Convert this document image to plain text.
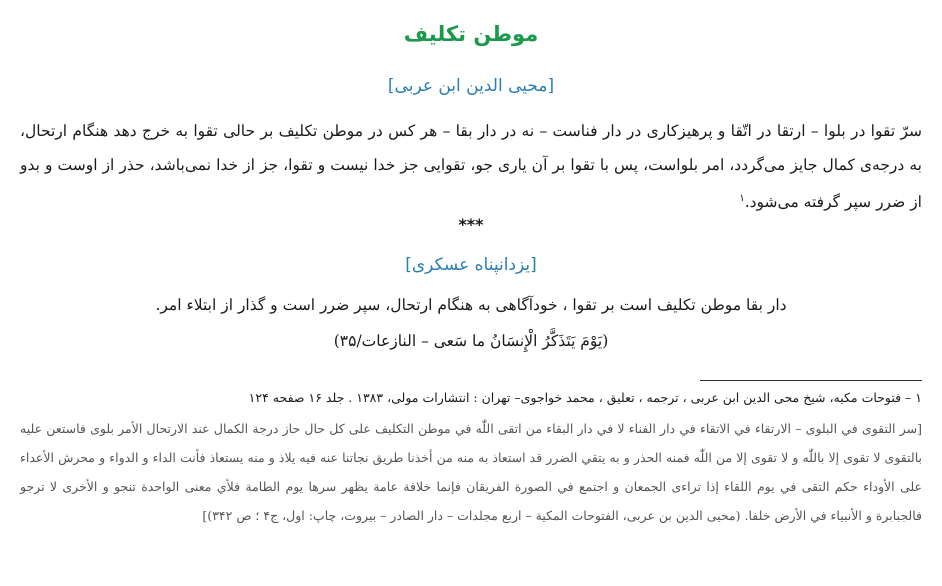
موطن تکلیف
[محیی الدین ابن عربی]
سرّ تقوا در بلوا – ارتقا در اتّقا و پرهیزکاری در دار فناست – نه در دار بقا – هر کس در موطن تکلیف بر حالی تقوا به خرج دهد هنگام ارتحال، به درجه‌ی کمال جایز می‌گردد، امر بلواست، پس با تقوا بر آن یاری جو، تقوایی جز خدا نیست و تقوا، جز از خدا نمی‌باشد، حذر از اوست و بدو از ضرر سپر گرفته می‌شود.$^۱$
***
[یزدانپناه عسکری]
دار بقا موطن تکلیف است بر تقوا ، خودآگاهی به هنگام ارتحال، سپر ضرر است و گذار از ابتلاء امر.
(یَوْمَ یَتَذَکَّرُ الْإِنسَانُ ما سَعى – النازعات/۳۵)
۱ – فتوحات مکیه، شیخ محی الدین ابن عربی ، ترجمه ، تعلیق ، محمد خواجوی– تهران : انتشارات مولی، ۱۳۸۳ . جلد ۱۶ صفحه ۱۲۴
[سر التقوى في البلوى – الارتقاء في الاتقاء في دار الفناء لا في دار البقاء من اتقى اللّٰه في موطن التكليف على كل حال حاز درجة الكمال عند الارتحال الأمر بلوى فاستعن عليه بالتقوى لا تقوى إلا باللّٰه و لا تقوى إلا من اللّٰه فمنه الحذر و به يتقي الضرر قد استعاذ به منه من أخذنا طريق نجاتنا عنه فيه يلاذ و منه يستعاذ فأنت الداء و الدواء و محرش الأعداء على الأوداء حكم التقى في يوم اللقاء إذا تراءى الجمعان و اجتمع في الصورة الفريقان فإنما خلافة عامة يظهر سرها يوم الطامة فلأي معنى الواحدة تنجو و الأخرى لا ترجو فالجبابرة و الأنبياء في الأرض خلفا. (محیی الدین بن عربی، الفتوحات المکیة – اربع مجلدات – دار الصادر – بیروت، چاپ: اول، ج۴ ؛ ص ۳۴۲)]
